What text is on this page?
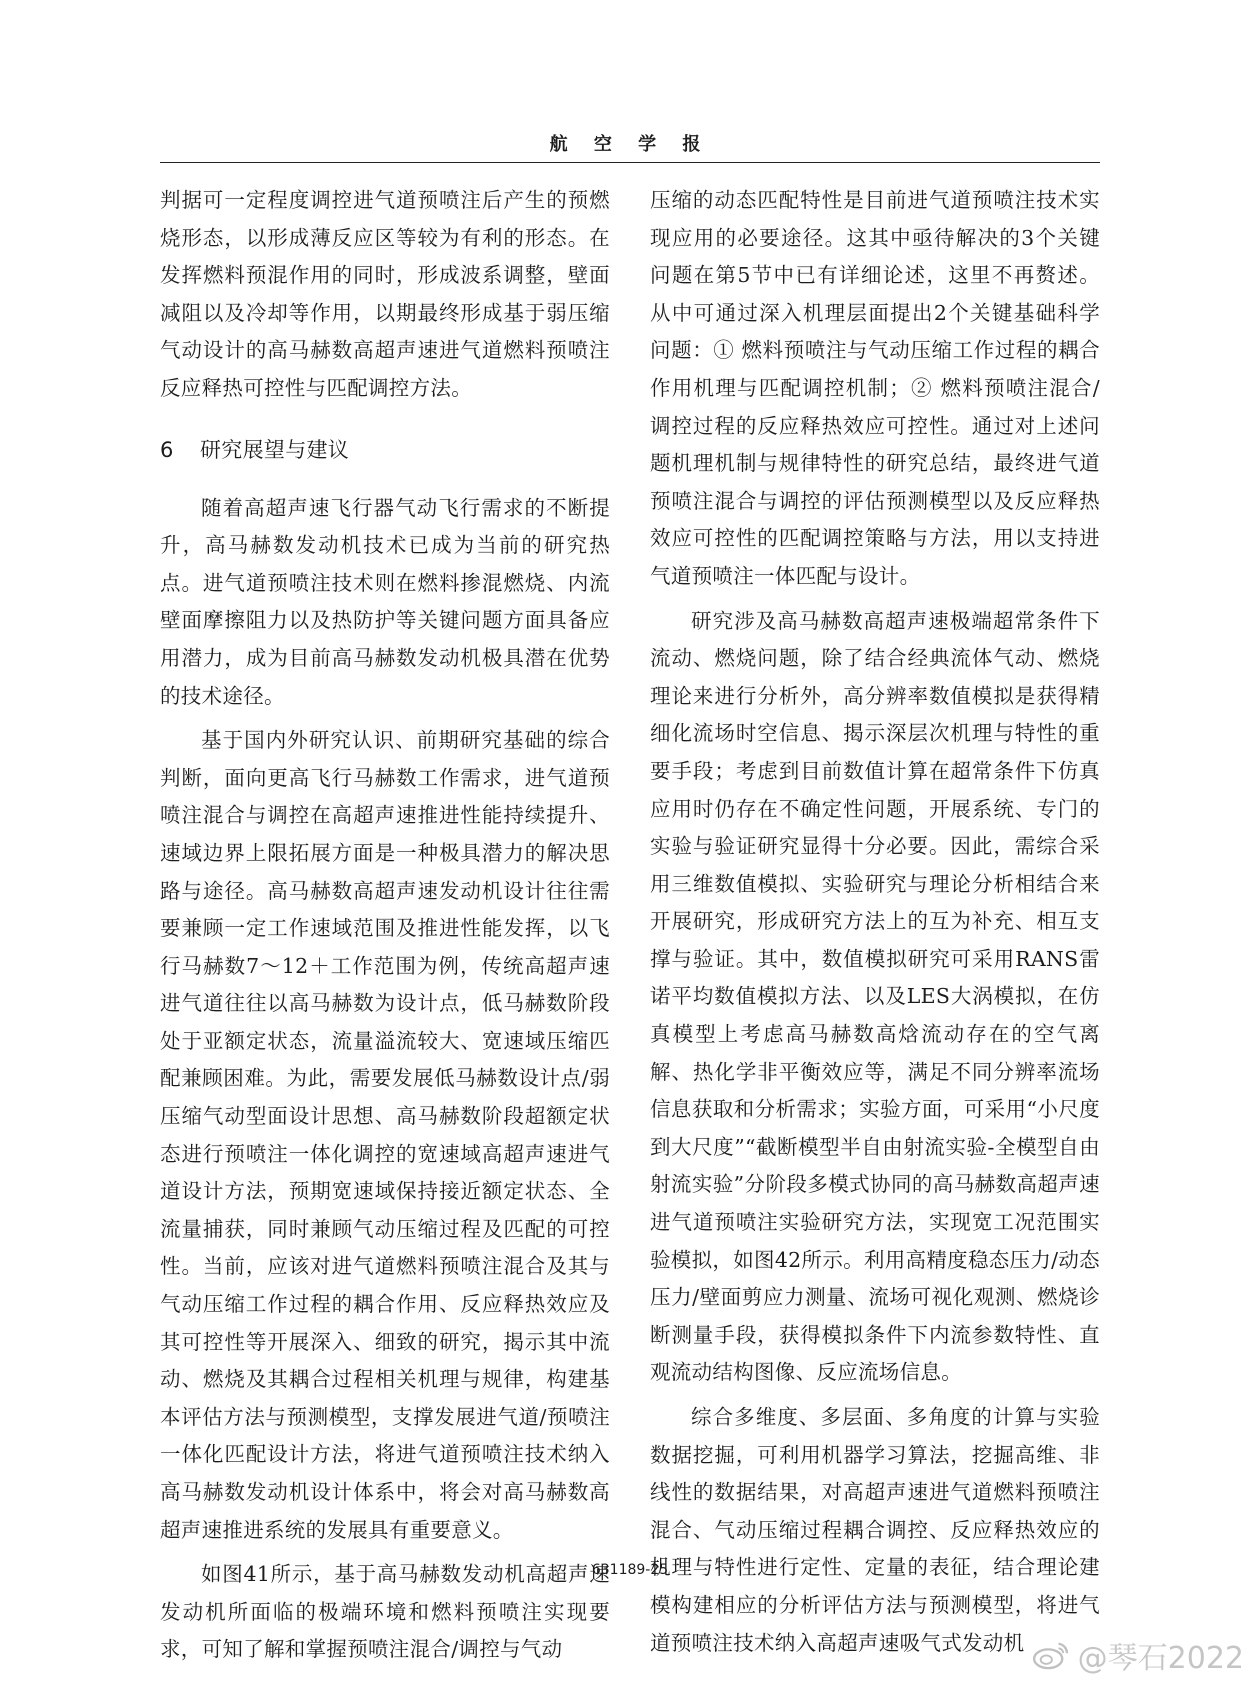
航 空 学 报

判据可一定程度调控进气道预喷注后产生的预燃烧形态，以形成薄反应区等较为有利的形态。在发挥燃料预混作用的同时，形成波系调整，壁面减阻以及冷却等作用，以期最终形成基于弱压缩气动设计的高马赫数高超声速进气道燃料预喷注反应释热可控性与匹配调控方法。

6 研究展望与建议

随着高超声速飞行器气动飞行需求的不断提升，高马赫数发动机技术已成为当前的研究热点。进气道预喷注技术则在燃料掺混燃烧、内流壁面摩擦阻力以及热防护等关键问题方面具备应用潜力，成为目前高马赫数发动机极具潜在优势的技术途径。

基于国内外研究认识、前期研究基础的综合判断，面向更高飞行马赫数工作需求，进气道预喷注混合与调控在高超声速推进性能持续提升、速域边界上限拓展方面是一种极具潜力的解决思路与途径。高马赫数高超声速发动机设计往往需要兼顾一定工作速域范围及推进性能发挥，以飞行马赫数7～12＋工作范围为例，传统高超声速进气道往往以高马赫数为设计点，低马赫数阶段处于亚额定状态，流量溢流较大、宽速域压缩匹配兼顾困难。为此，需要发展低马赫数设计点/弱压缩气动型面设计思想、高马赫数阶段超额定状态进行预喷注一体化调控的宽速域高超声速进气道设计方法，预期宽速域保持接近额定状态、全流量捕获，同时兼顾气动压缩过程及匹配的可控性。当前，应该对进气道燃料预喷注混合及其与气动压缩工作过程的耦合作用、反应释热效应及其可控性等开展深入、细致的研究，揭示其中流动、燃烧及其耦合过程相关机理与规律，构建基本评估方法与预测模型，支撑发展进气道/预喷注一体化匹配设计方法，将进气道预喷注技术纳入高马赫数发动机设计体系中，将会对高马赫数高超声速推进系统的发展具有重要意义。

如图41所示，基于高马赫数发动机高超声速发动机所面临的极端环境和燃料预喷注实现要求，可知了解和掌握预喷注混合/调控与气动

压缩的动态匹配特性是目前进气道预喷注技术实现应用的必要途径。这其中亟待解决的3个关键问题在第5节中已有详细论述，这里不再赘述。从中可通过深入机理层面提出2个关键基础科学问题：① 燃料预喷注与气动压缩工作过程的耦合作用机理与匹配调控机制；② 燃料预喷注混合/调控过程的反应释热效应可控性。通过对上述问题机理机制与规律特性的研究总结，最终进气道预喷注混合与调控的评估预测模型以及反应释热效应可控性的匹配调控策略与方法，用以支持进气道预喷注一体匹配与设计。

研究涉及高马赫数高超声速极端超常条件下流动、燃烧问题，除了结合经典流体气动、燃烧理论来进行分析外，高分辨率数值模拟是获得精细化流场时空信息、揭示深层次机理与特性的重要手段；考虑到目前数值计算在超常条件下仿真应用时仍存在不确定性问题，开展系统、专门的实验与验证研究显得十分必要。因此，需综合采用三维数值模拟、实验研究与理论分析相结合来开展研究，形成研究方法上的互为补充、相互支撑与验证。其中，数值模拟研究可采用RANS雷诺平均数值模拟方法、以及LES大涡模拟，在仿真模型上考虑高马赫数高焓流动存在的空气离解、热化学非平衡效应等，满足不同分辨率流场信息获取和分析需求；实验方面，可采用“小尺度到大尺度”“截断模型半自由射流实验-全模型自由射流实验”分阶段多模式协同的高马赫数高超声速进气道预喷注实验研究方法，实现宽工况范围实验模拟，如图42所示。利用高精度稳态压力/动态压力/壁面剪应力测量、流场可视化观测、燃烧诊断测量手段，获得模拟条件下内流参数特性、直观流动结构图像、反应流场信息。

综合多维度、多层面、多角度的计算与实验数据挖掘，可利用机器学习算法，挖掘高维、非线性的数据结果，对高超声速进气道燃料预喷注混合、气动压缩过程耦合调控、反应释热效应的机理与特性进行定性、定量的表征，结合理论建模构建相应的分析评估方法与预测模型，将进气道预喷注技术纳入高超声速吸气式发动机

631189-25
@琴石2022
